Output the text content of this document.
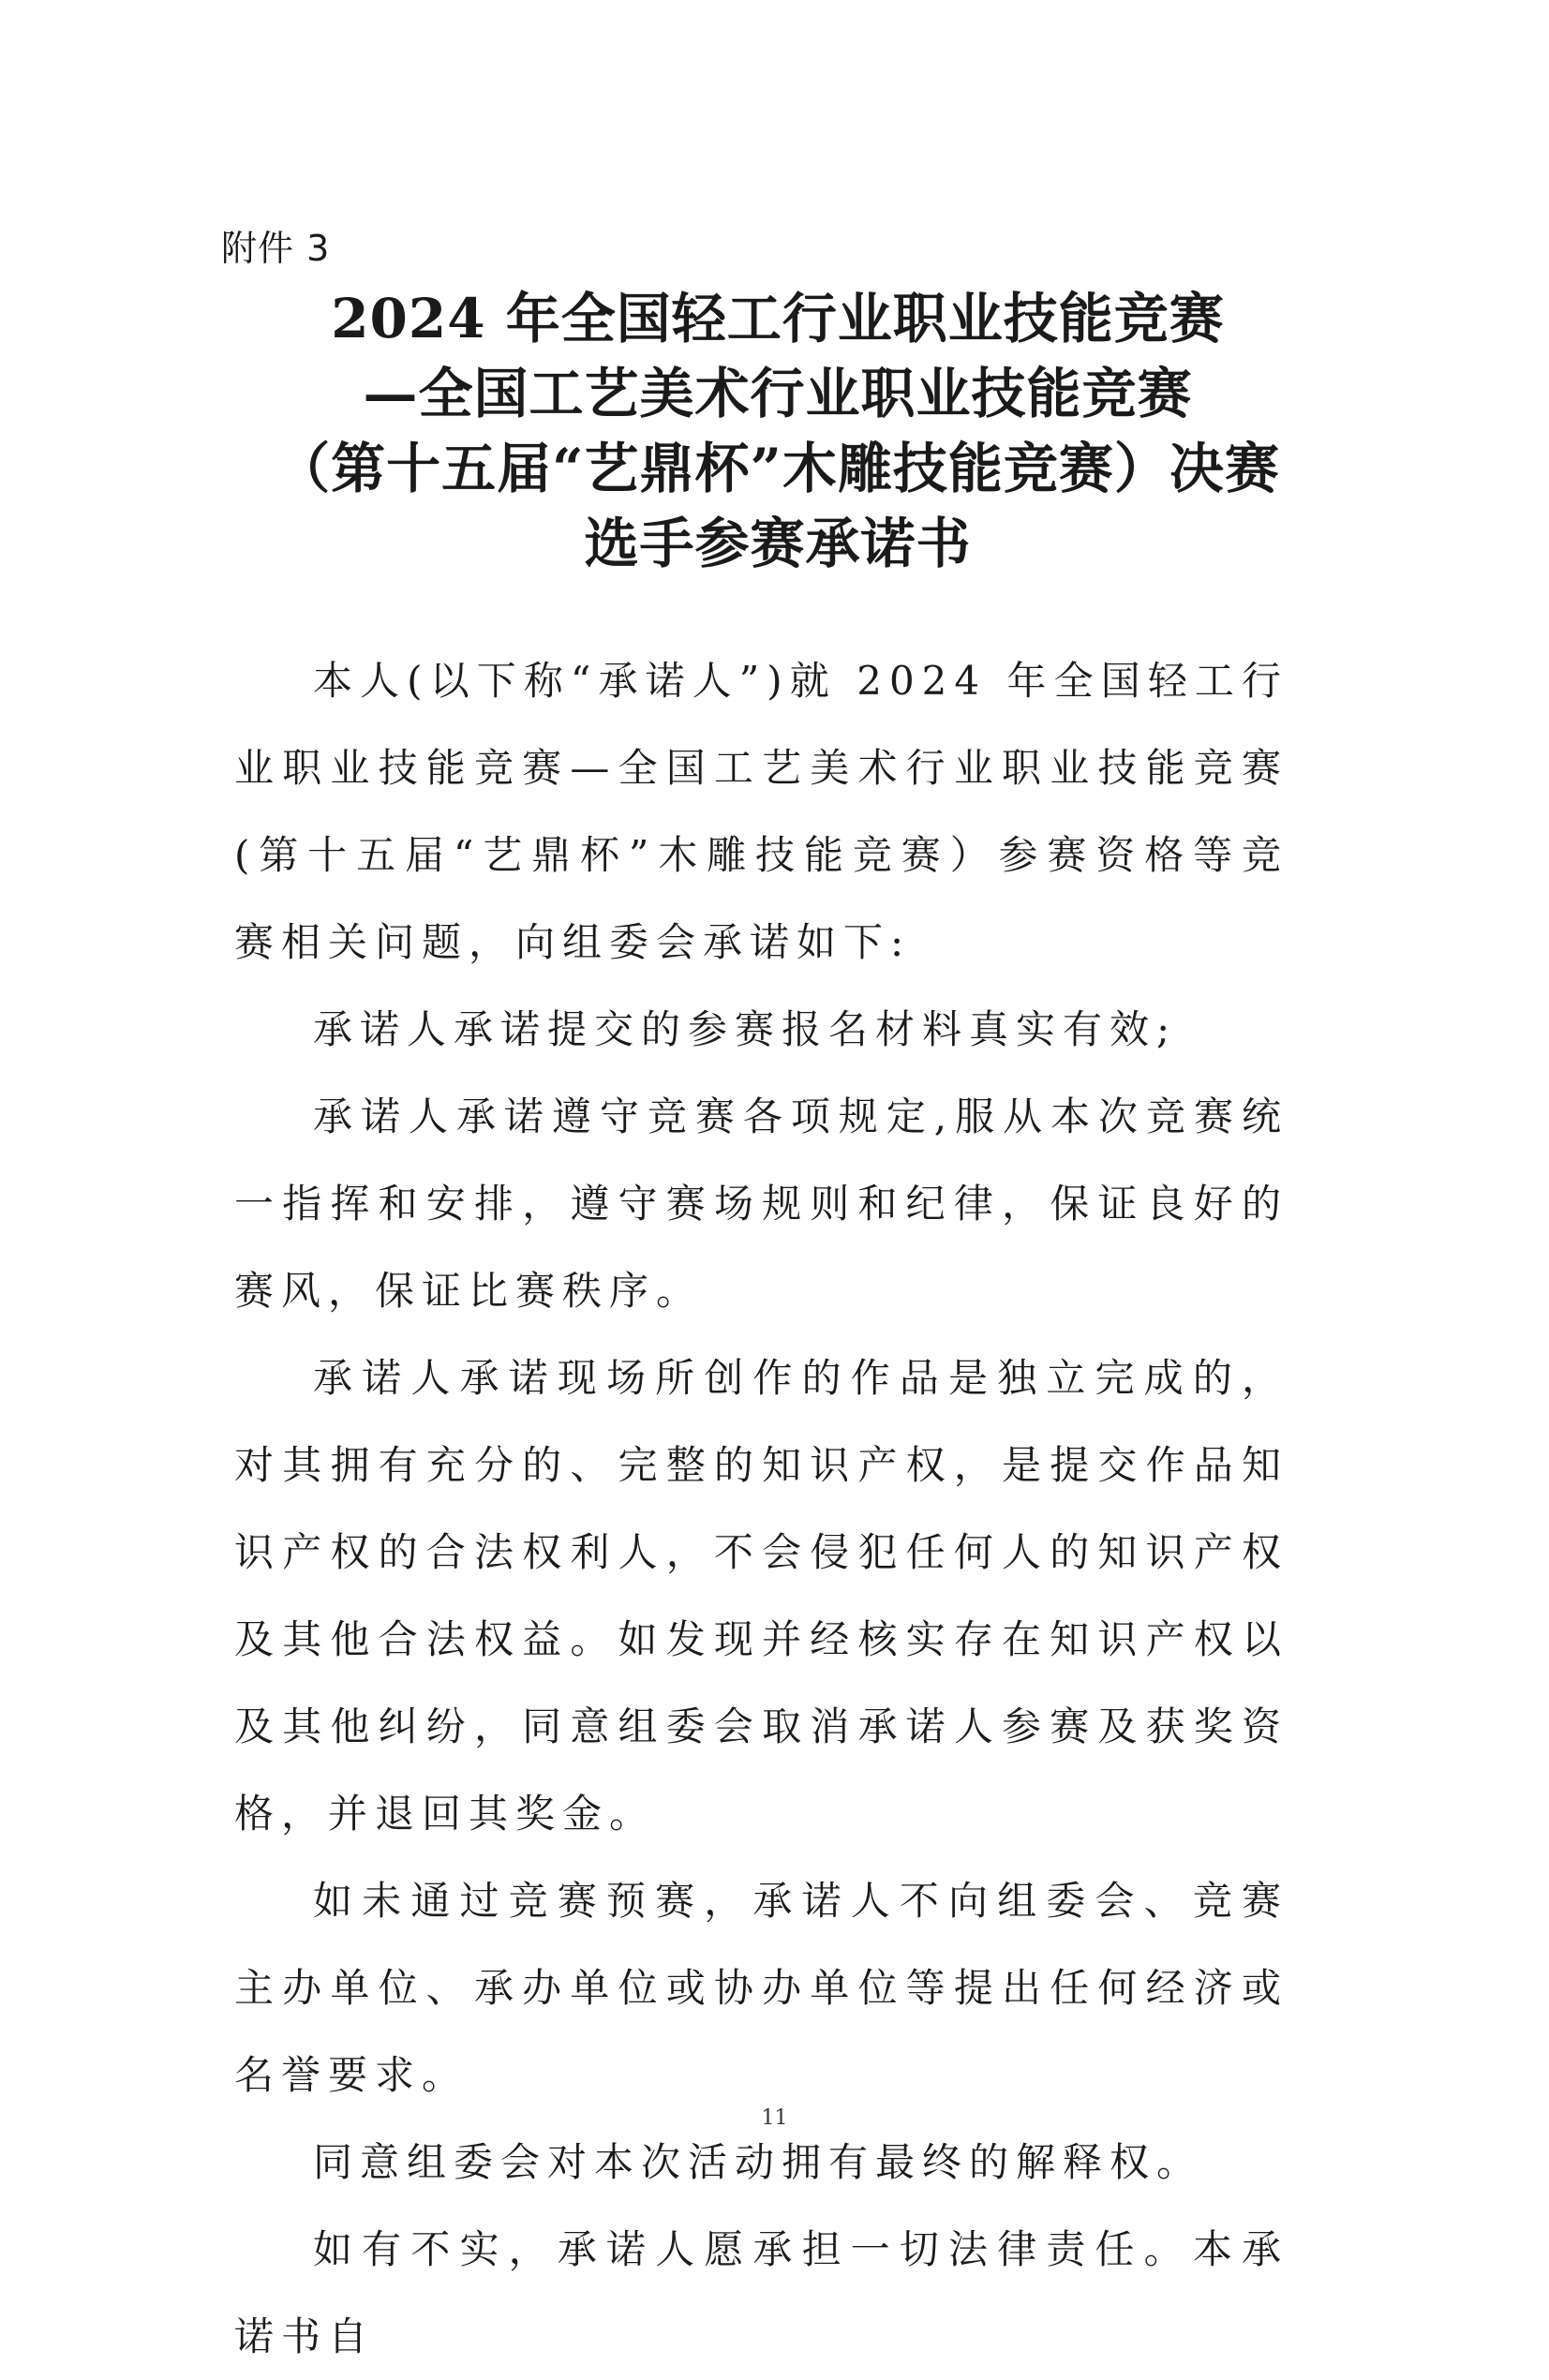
附件 3
2024 年全国轻工行业职业技能竞赛
—全国工艺美术行业职业技能竞赛
（第十五届“艺鼎杯”木雕技能竞赛）决赛
选手参赛承诺书

本人(以下称“承诺人”)就 2024 年全国轻工行业职业技能竞赛—全国工艺美术行业职业技能竞赛(第十五届“艺鼎杯”木雕技能竞赛）参赛资格等竞赛相关问题，向组委会承诺如下:

承诺人承诺提交的参赛报名材料真实有效;

承诺人承诺遵守竞赛各项规定,服从本次竞赛统一指挥和安排，遵守赛场规则和纪律，保证良好的赛风，保证比赛秩序。

承诺人承诺现场所创作的作品是独立完成的，对其拥有充分的、完整的知识产权，是提交作品知识产权的合法权利人，不会侵犯任何人的知识产权及其他合法权益。如发现并经核实存在知识产权以及其他纠纷，同意组委会取消承诺人参赛及获奖资格，并退回其奖金。

如未通过竞赛预赛，承诺人不向组委会、竞赛主办单位、承办单位或协办单位等提出任何经济或名誉要求。

同意组委会对本次活动拥有最终的解释权。

如有不实，承诺人愿承担一切法律责任。本承诺书自

11
